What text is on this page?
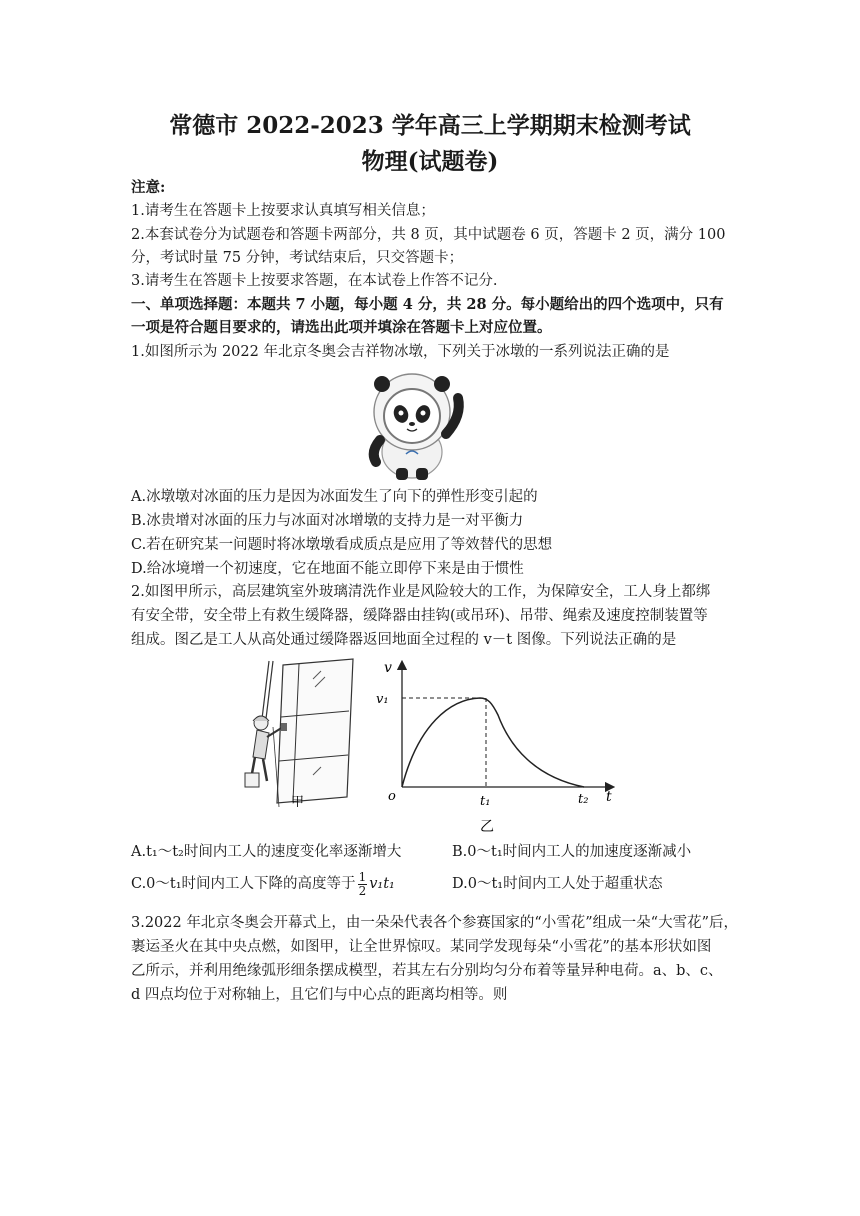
常德市 2022-2023 学年高三上学期期末检测考试
物理(试题卷)
注意:
1.请考生在答题卡上按要求认真填写相关信息；
2.本套试卷分为试题卷和答题卡两部分，共 8 页，其中试题卷 6 页，答题卡 2 页，满分 100
分，考试时量 75 分钟，考试结束后，只交答题卡；
3.请考生在答题卡上按要求答题，在本试卷上作答不记分.
一、单项选择题：本题共 7 小题，每小题 4 分，共 28 分。每小题给出的四个选项中，只有
一项是符合题目要求的，请选出此项并填涂在答题卡上对应位置。
1.如图所示为 2022 年北京冬奥会吉祥物冰墩，下列关于冰墩的一系列说法正确的是
A.冰墩墩对冰面的压力是因为冰面发生了向下的弹性形变引起的
B.冰贵增对冰面的压力与冰面对冰增墩的支持力是一对平衡力
C.若在研究某一问题时将冰墩墩看成质点是应用了等效替代的思想
D.给冰境增一个初速度，它在地面不能立即停下来是由于惯性
2.如图甲所示，高层建筑室外玻璃清洗作业是风险较大的工作，为保障安全，工人身上都绑
有安全带，安全带上有救生缓降器，缓降器由挂钩(或吊环)、吊带、绳索及速度控制装置等
组成。图乙是工人从高处通过缓降器返回地面全过程的 v－t 图像。下列说法正确的是
甲
v
v₁
o	t₁	t₂ t
乙
A.t₁～t₂时间内工人的速度变化率逐渐增大	B.0～t₁时间内工人的加速度逐渐减小
C.0～t₁时间内工人下降的高度等于 $\frac{1}{2} v_1t_1$	D.0～t₁时间内工人处于超重状态
3.2022 年北京冬奥会开幕式上，由一朵朵代表各个参赛国家的“小雪花”组成一朵“大雪花”后，
裹运圣火在其中央点燃，如图甲，让全世界惊叹。某同学发现每朵“小雪花”的基本形状如图
乙所示，并利用绝缘弧形细条摆成模型，若其左右分别均匀分布着等量异种电荷。a、b、c、
d 四点均位于对称轴上，且它们与中心点的距离均相等。则
